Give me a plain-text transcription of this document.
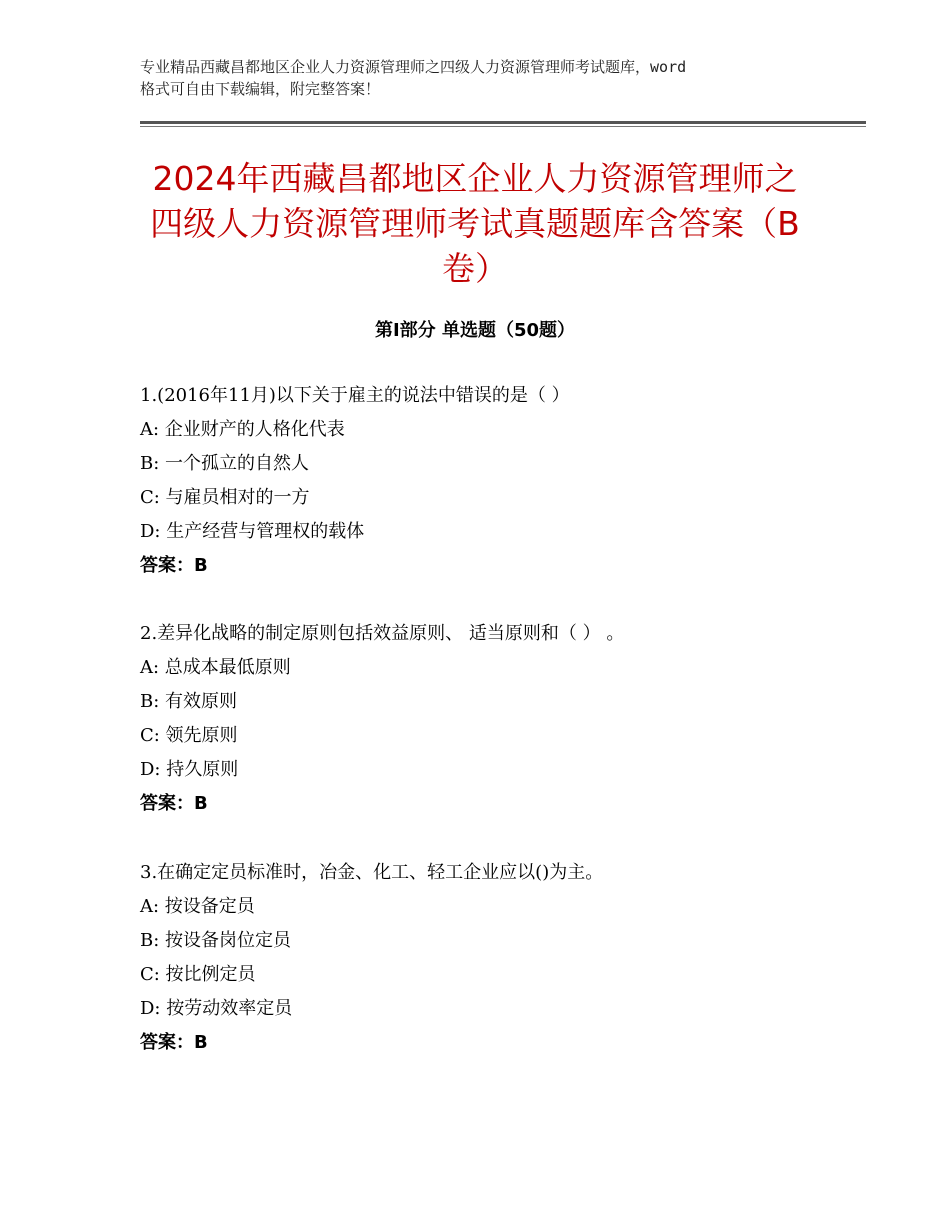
专业精品西藏昌都地区企业人力资源管理师之四级人力资源管理师考试题库，word
格式可自由下载编辑，附完整答案！
2024年西藏昌都地区企业人力资源管理师之
四级人力资源管理师考试真题题库含答案（B
卷）
第Ⅰ部分 单选题（50题）
1.(2016年11月)以下关于雇主的说法中错误的是（ ）
A: 企业财产的人格化代表
B: 一个孤立的自然人
C: 与雇员相对的一方
D: 生产经营与管理权的载体
答案：B
2.差异化战略的制定原则包括效益原则、 适当原则和（ ） 。
A: 总成本最低原则
B: 有效原则
C: 领先原则
D: 持久原则
答案：B
3.在确定定员标准时，冶金、化工、轻工企业应以()为主。
A: 按设备定员
B: 按设备岗位定员
C: 按比例定员
D: 按劳动效率定员
答案：B
